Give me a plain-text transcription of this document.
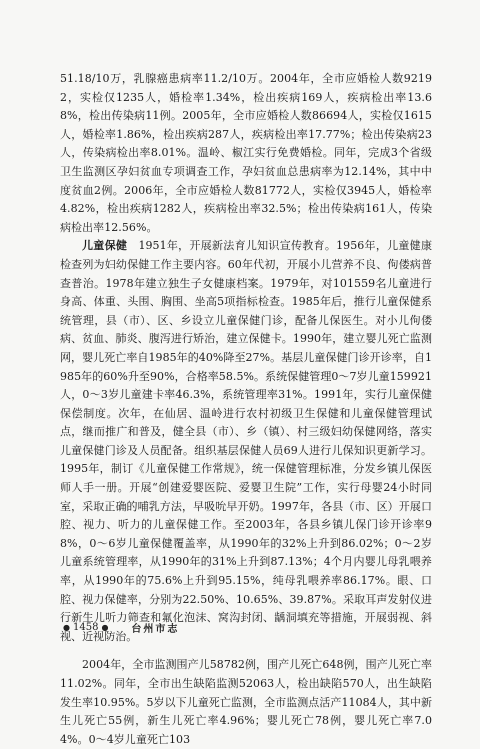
51.18/10万，乳腺癌患病率11.2/10万。2004年，全市应婚检人数92192，实检仅1235人，婚检率1.34%，检出疾病169人，疾病检出率13.68%，检出传染病11例。2005年，全市应婚检人数86694人，实检仅1615人，婚检率1.86%，检出疾病287人，疾病检出率17.77%；检出传染病23人，传染病检出率8.01%。温岭、椒江实行免费婚检。同年，完成3个省级卫生监测区孕妇贫血专项调查工作，孕妇贫血总患病率为12.14%，其中中度贫血2例。2006年，全市应婚检人数81772人，实检仅3945人，婚检率4.82%，检出疾病1282人，疾病检出率32.5%；检出传染病161人，传染病检出率12.56%。

儿童保健　 1951年，开展新法育儿知识宣传教育。1956年，儿童健康检查列为妇幼保健工作主要内容。60年代初，开展小儿营养不良、佝偻病普查普治。1978年建立独生子女健康档案。1979年，对101559名儿童进行身高、体重、头围、胸围、坐高5项指标检查。1985年后，推行儿童保健系统管理，县（市）、区、乡设立儿童保健门诊，配备儿保医生。对小儿佝偻病、贫血、肺炎、腹泻进行矫治，建立保健卡。1990年，建立婴儿死亡监测网，婴儿死亡率自1985年的40%降至27%。基层儿童保健门诊开诊率，自1985年的60%升至90%，合格率58.5%。系统保健管理0～7岁儿童159921人，0～3岁儿童建卡率46.3%，系统管理率31%。1991年，实行儿童保健保偿制度。次年，在仙居、温岭进行农村初级卫生保健和儿童保健管理试点，继而推广和普及，健全县（市）、乡（镇）、村三级妇幼保健网络，落实儿童保健门诊及人员配备。组织基层保健人员69人进行儿保知识更新学习。1995年，制订《儿童保健工作常规》，统一保健管理标准，分发乡镇儿保医师人手一册。开展“创建爱婴医院、爱婴卫生院”工作，实行母婴24小时同室，采取正确的哺乳方法，早吸吮早开奶。1997年，各县（市、区）开展口腔、视力、听力的儿童保健工作。至2003年，各县乡镇儿保门诊开诊率98%，0～6岁儿童保健覆盖率，从1990年的32%上升到86.02%；0～2岁儿童系统管理率，从1990年的31%上升到87.13%；4个月内婴儿母乳喂养率，从1990年的75.6%上升到95.15%，纯母乳喂养率86.17%。眼、口腔、视力保健率，分别为22.50%、10.65%、39.87%。采取耳声发射仪进行新生儿听力筛查和氟化泡沫、窝沟封闭、龋洞填充等措施，开展弱视、斜视、近视防治。

2004年，全市监测围产儿58782例，围产儿死亡648例，围产儿死亡率11.02%。同年，全市出生缺陷监测52063人，检出缺陷570人，出生缺陷发生率10.95%。5岁以下儿童死亡监测，全市监测点活产11084人，其中新生儿死亡55例，新生儿死亡率4.96%；婴儿死亡78例，婴儿死亡率7.04%。0～4岁儿童死亡103

● 1458 ● 台州市志
